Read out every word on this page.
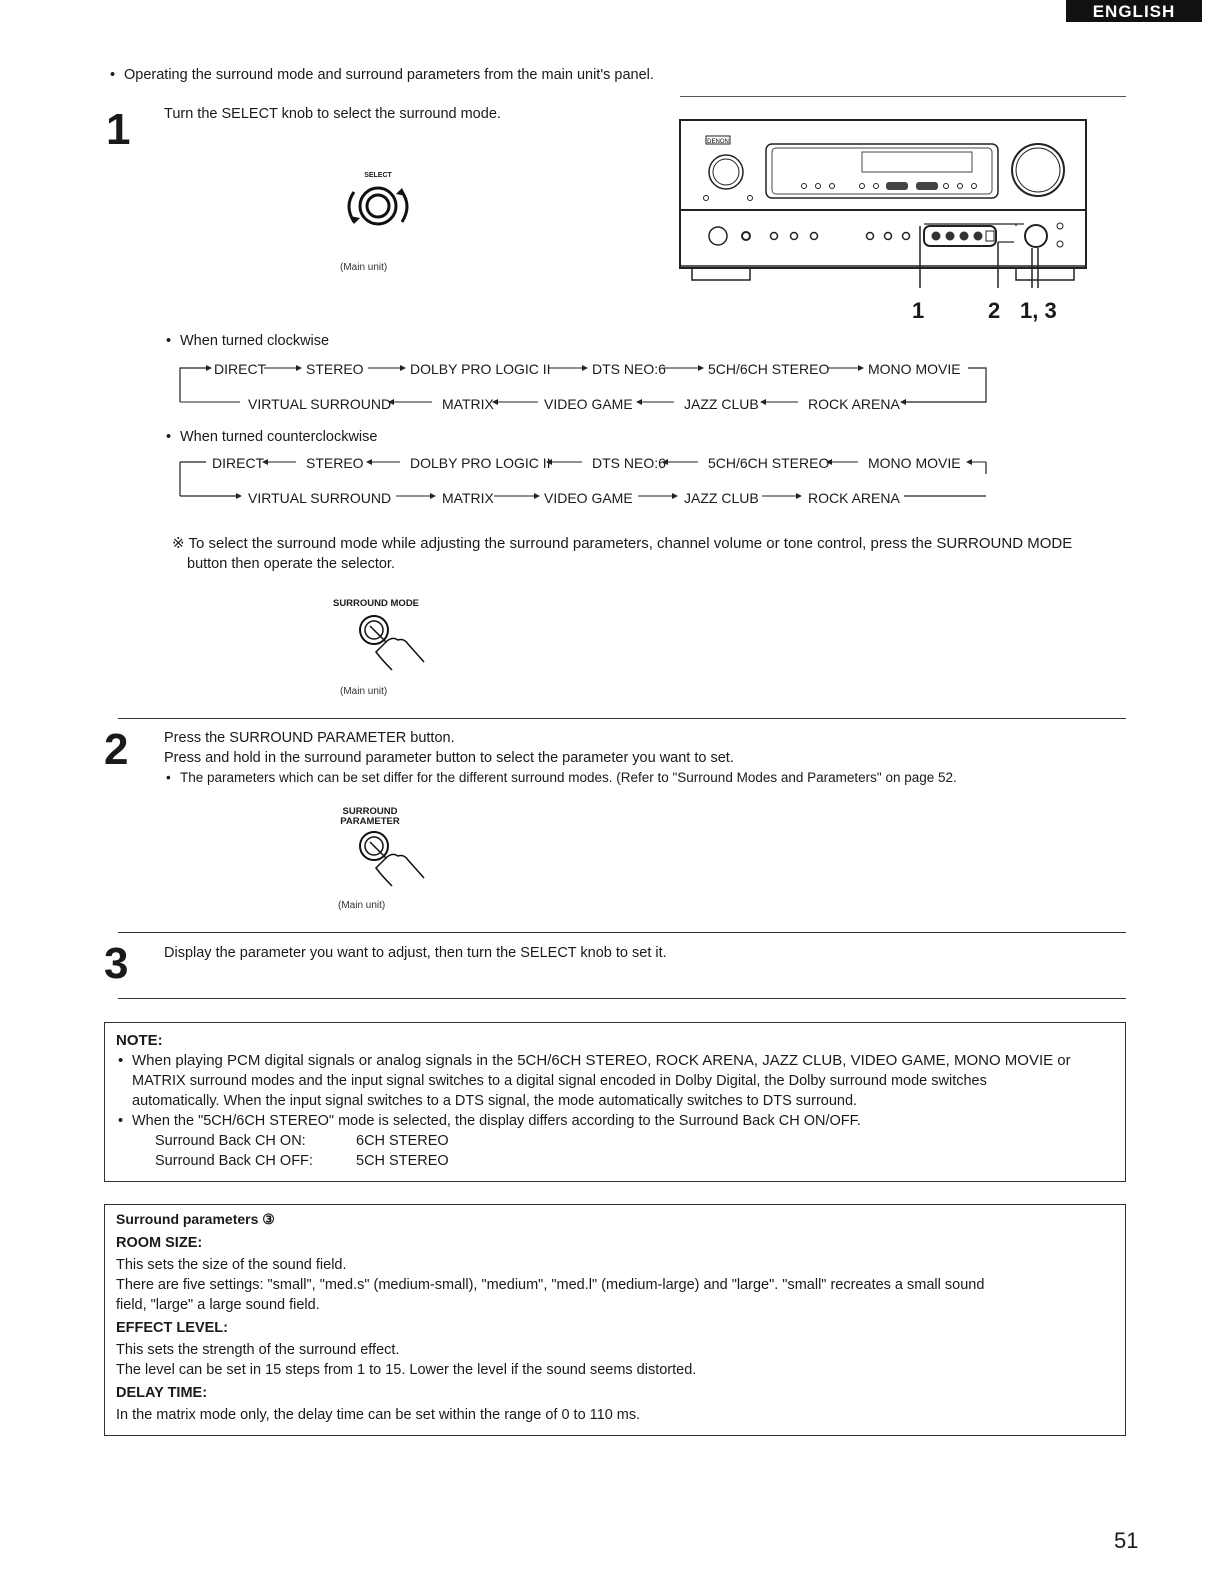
ENGLISH
• Operating the surround mode and surround parameters from the main unit's panel.
1 Turn the SELECT knob to select the surround mode.
SELECT
(Main unit)
DENON
1	2 1, 3
• When turned clockwise
DIRECT	STEREO	DOLBY PRO LOGIC II	DTS NEO:6	5CH/6CH STEREO	MONO MOVIE
VIRTUAL SURROUND	MATRIX	VIDEO GAME	JAZZ CLUB	ROCK ARENA
• When turned counterclockwise
DIRECT	STEREO	DOLBY PRO LOGIC II	DTS NEO:6	5CH/6CH STEREO	MONO MOVIE
VIRTUAL SURROUND	MATRIX	VIDEO GAME	JAZZ CLUB	ROCK ARENA
※ To select the surround mode while adjusting the surround parameters, channel volume or tone control, press the SURROUND MODE
button then operate the selector.
SURROUND MODE
(Main unit)
2 Press the SURROUND PARAMETER button.
Press and hold in the surround parameter button to select the parameter you want to set.
• The parameters which can be set differ for the different surround modes. (Refer to "Surround Modes and Parameters" on page 52.
SURROUND
PARAMETER
(Main unit)
3 Display the parameter you want to adjust, then turn the SELECT knob to set it.
NOTE:
• When playing PCM digital signals or analog signals in the 5CH/6CH STEREO, ROCK ARENA, JAZZ CLUB, VIDEO GAME, MONO MOVIE or
MATRIX surround modes and the input signal switches to a digital signal encoded in Dolby Digital, the Dolby surround mode switches
automatically. When the input signal switches to a DTS signal, the mode automatically switches to DTS surround.
• When the "5CH/6CH STEREO" mode is selected, the display differs according to the Surround Back CH ON/OFF.
Surround Back CH ON:	6CH STEREO
Surround Back CH OFF:	5CH STEREO
Surround parameters ③
ROOM SIZE:
This sets the size of the sound field.
There are five settings: "small", "med.s" (medium-small), "medium", "med.l" (medium-large) and "large". "small" recreates a small sound
field, "large" a large sound field.
EFFECT LEVEL:
This sets the strength of the surround effect.
The level can be set in 15 steps from 1 to 15. Lower the level if the sound seems distorted.
DELAY TIME:
In the matrix mode only, the delay time can be set within the range of 0 to 110 ms.
51
